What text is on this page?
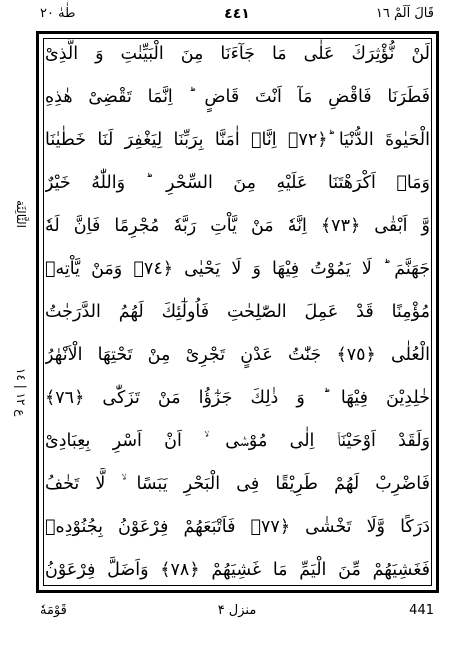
طٰهٰ ٢٠	٤٤١	قَالَ اَلَمْ ١٦
الثَّالِثَة
ع ١٢ | ١٤
لَنْ نُّؤْثِرَكَ عَلٰى مَا جَآءَنَا مِنَ الْبَيِّنٰتِ وَ الَّذِىْ
فَطَرَنَا فَاقْضِ مَآ اَنْتَ قَاضٍ ؕ اِنَّمَا تَقْضِىْ هٰذِهِ
الْحَيٰوةَ الدُّنْيَا ؕ﴿٧٢﴾ اِنَّاۤ اٰمَنَّا بِرَبِّنَا لِيَغْفِرَ لَنَا خَطٰيٰنَا
وَمَاۤ اَكْرَهْتَنَا عَلَيْهِ مِنَ السِّحْرِ ؕ وَاللّٰهُ خَيْرٌ
وَّ اَبْقٰى ﴿٧٣﴾ اِنَّهٗ مَنْ يَّاْتِ رَبَّهٗ مُجْرِمًا فَاِنَّ لَهٗ
جَهَنَّمَ ؕ لَا يَمُوْتُ فِيْهَا وَ لَا يَحْيٰى ﴿٧٤﴾ وَمَنْ يَّاْتِهٖ
مُؤْمِنًا قَدْ عَمِلَ الصّٰلِحٰتِ فَاُولٰٓئِكَ لَهُمُ الدَّرَجٰتُ
الْعُلٰى ﴿٧٥﴾ جَنّٰتُ عَدْنٍ تَجْرِىْ مِنْ تَحْتِهَا الْاَنْهٰرُ
خٰلِدِيْنَ فِيْهَا ؕ وَ ذٰلِكَ جَزٰٓؤُا مَنْ تَزَكّٰى ﴿٧٦﴾
وَلَقَدْ اَوْحَيْنَاۤ اِلٰى مُوْسٰۤى ۙ اَنْ اَسْرِ بِعِبَادِىْ
فَاضْرِبْ لَهُمْ طَرِيْقًا فِى الْبَحْرِ يَبَسًا ۙ لَّا تَخٰفُ
دَرَكًا وَّلَا تَخْشٰى ﴿٧٧﴾ فَاَتْبَعَهُمْ فِرْعَوْنُ بِجُنُوْدِهٖ
فَغَشِيَهُمْ مِّنَ الْيَمِّ مَا غَشِيَهُمْ ﴿٧٨﴾ وَاَضَلَّ فِرْعَوْنُ
قَوْمَهٗ	منزل ۴	441
